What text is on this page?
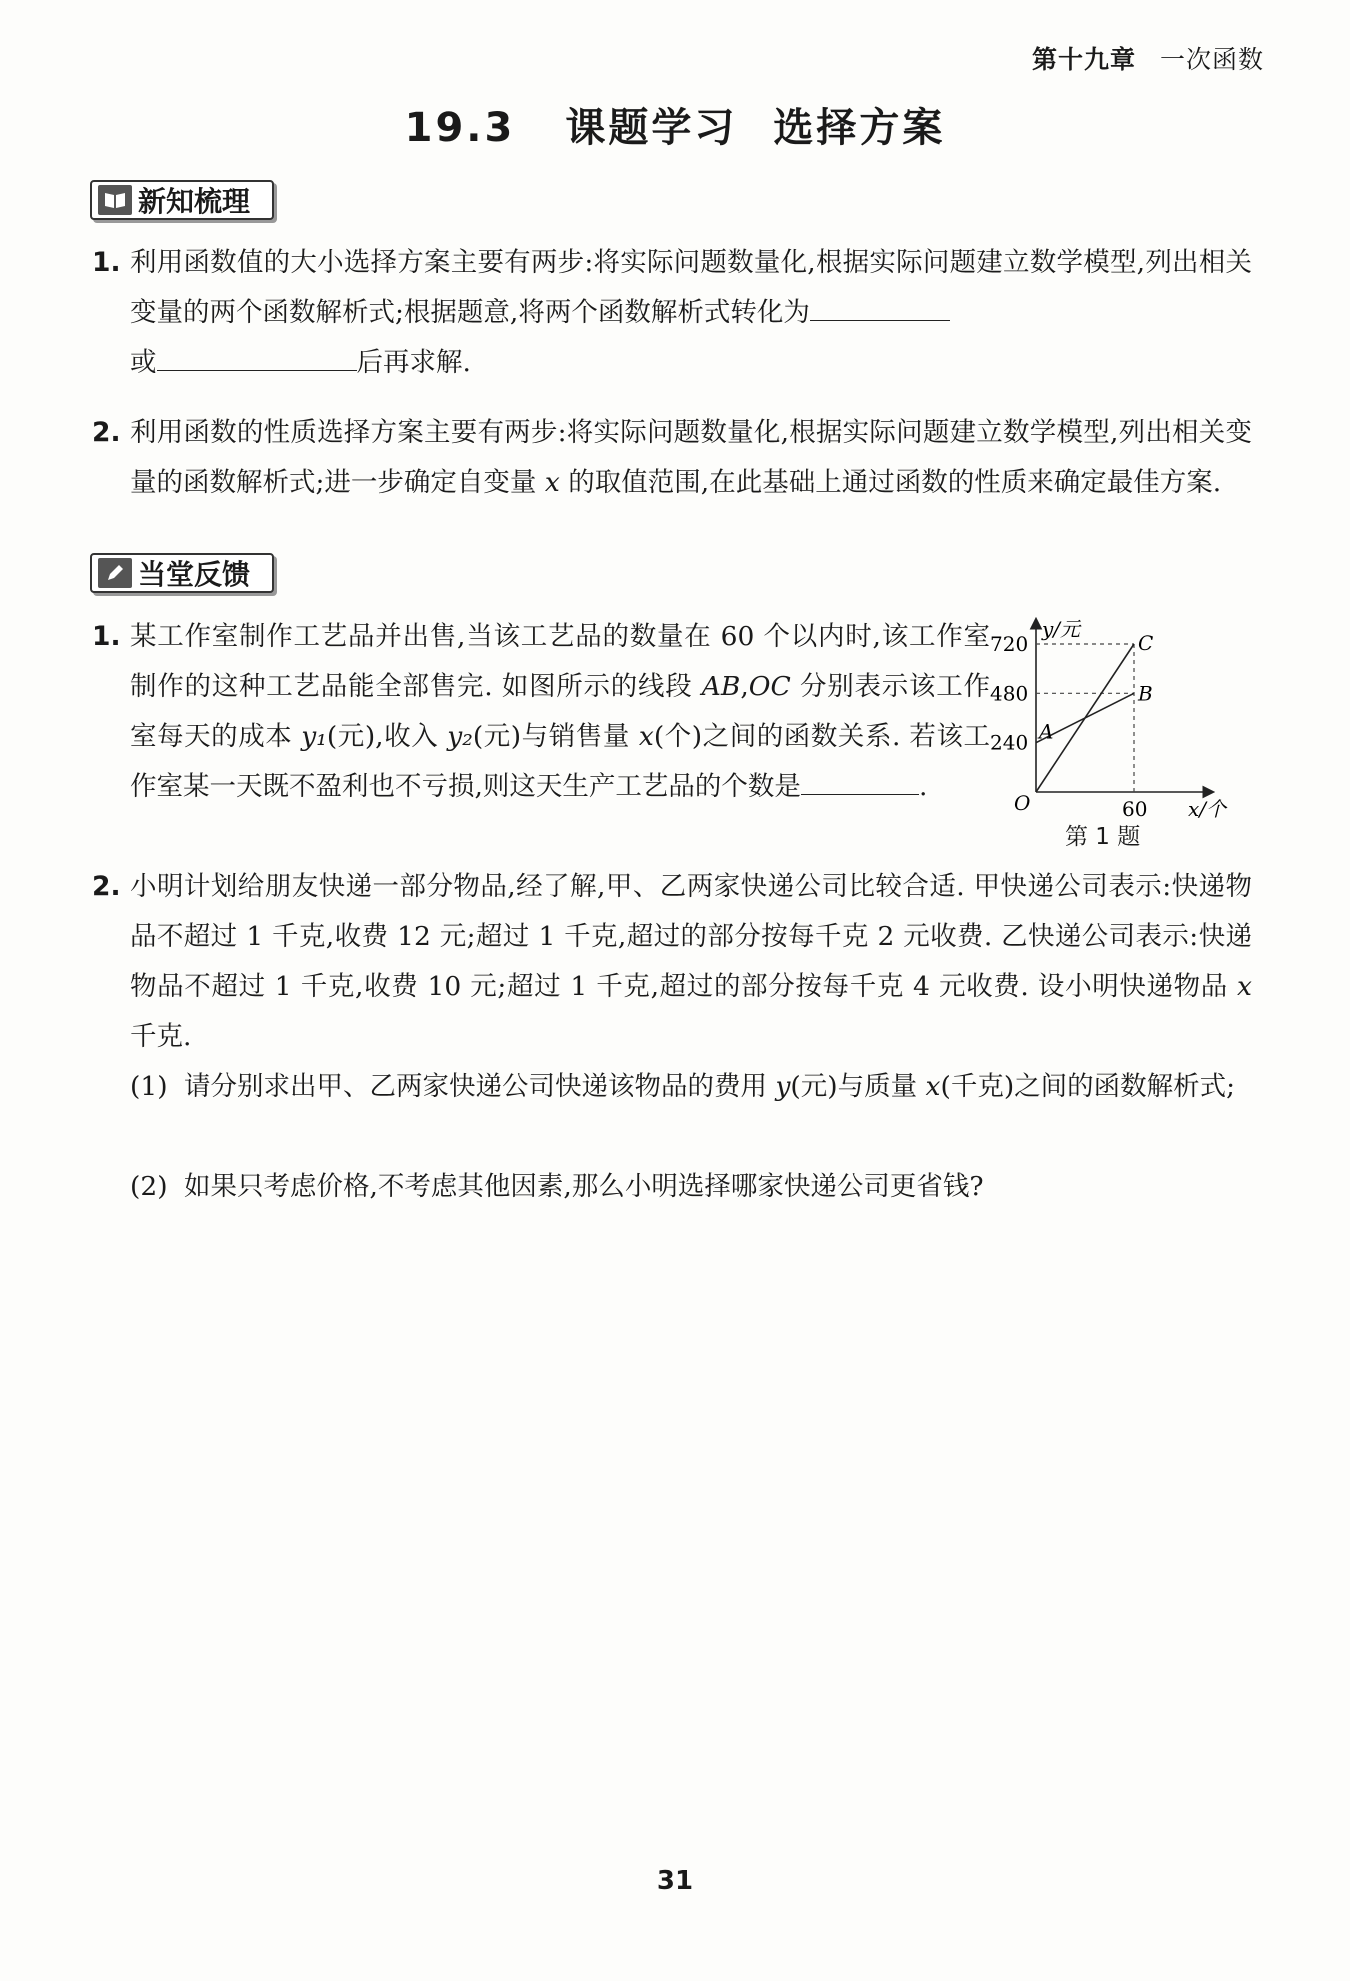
第十九章 一次函数
19.3 课题学习 选择方案
新知梳理
1. 利用函数值的大小选择方案主要有两步:将实际问题数量化,根据实际问题建立数学模型,列出相关变量的两个函数解析式;根据题意,将两个函数解析式转化为
或	后再求解.
2. 利用函数的性质选择方案主要有两步:将实际问题数量化,根据实际问题建立数学模型,列出相关变量的函数解析式;进一步确定自变量 x 的取值范围,在此基础上通过函数的性质来确定最佳方案.
当堂反馈
1. 某工作室制作工艺品并出售,当该工艺品的数量在 60 个以内时,该工作室制作的这种工艺品能全部售完. 如图所示的线段 AB,OC 分别表示该工作室每天的成本 y₁(元),收入 y₂(元)与销售量 x(个)之间的函数关系. 若该工作室某一天既不盈利也不亏损,则这天生产工艺品的个数是	.
y/元
x/个
O
720
480
240
60
A
B
C
第 1 题
2. 小明计划给朋友快递一部分物品,经了解,甲、乙两家快递公司比较合适. 甲快递公司表示:快递物品不超过 1 千克,收费 12 元;超过 1 千克,超过的部分按每千克 2 元收费. 乙快递公司表示:快递物品不超过 1 千克,收费 10 元;超过 1 千克,超过的部分按每千克 4 元收费. 设小明快递物品 x 千克.
(1) 请分别求出甲、乙两家快递公司快递该物品的费用 y(元)与质量 x(千克)之间的函数解析式;
(2) 如果只考虑价格,不考虑其他因素,那么小明选择哪家快递公司更省钱?
31
